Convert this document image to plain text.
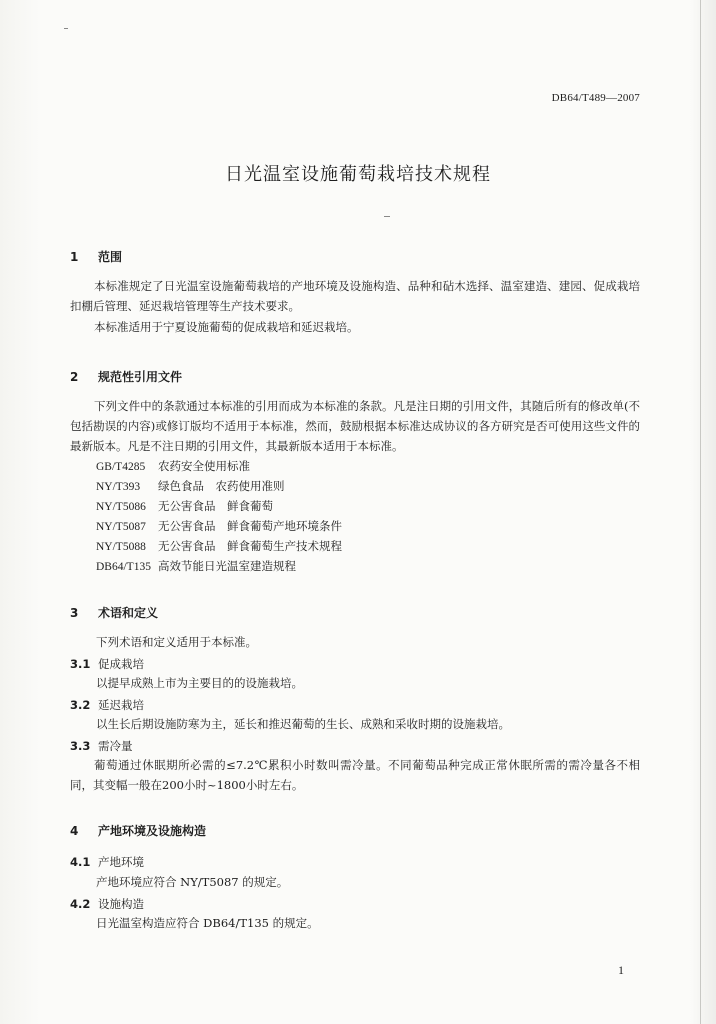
DB64/T489—2007
日光温室设施葡萄栽培技术规程
1 范围
本标准规定了日光温室设施葡萄栽培的产地环境及设施构造、品种和砧木选择、温室建造、建园、促成栽培扣棚后管理、延迟栽培管理等生产技术要求。
本标准适用于宁夏设施葡萄的促成栽培和延迟栽培。
2 规范性引用文件
下列文件中的条款通过本标准的引用而成为本标准的条款。凡是注日期的引用文件，其随后所有的修改单(不包括勘误的内容)或修订版均不适用于本标准，然而，鼓励根据本标准达成协议的各方研究是否可使用这些文件的最新版本。凡是不注日期的引用文件，其最新版本适用于本标准。
GB/T4285 农药安全使用标准
NY/T393 绿色食品　农药使用准则
NY/T5086 无公害食品　鲜食葡萄
NY/T5087 无公害食品　鲜食葡萄产地环境条件
NY/T5088 无公害食品　鲜食葡萄生产技术规程
DB64/T135 高效节能日光温室建造规程
3 术语和定义
下列术语和定义适用于本标准。
3.1 促成栽培
以提早成熟上市为主要目的的设施栽培。
3.2 延迟栽培
以生长后期设施防寒为主，延长和推迟葡萄的生长、成熟和采收时期的设施栽培。
3.3 需冷量
葡萄通过休眠期所必需的≤7.2℃累积小时数叫需冷量。不同葡萄品种完成正常休眠所需的需冷量各不相同，其变幅一般在200小时~1800小时左右。
4 产地环境及设施构造
4.1 产地环境
产地环境应符合 NY/T5087 的规定。
4.2 设施构造
日光温室构造应符合 DB64/T135 的规定。
1
